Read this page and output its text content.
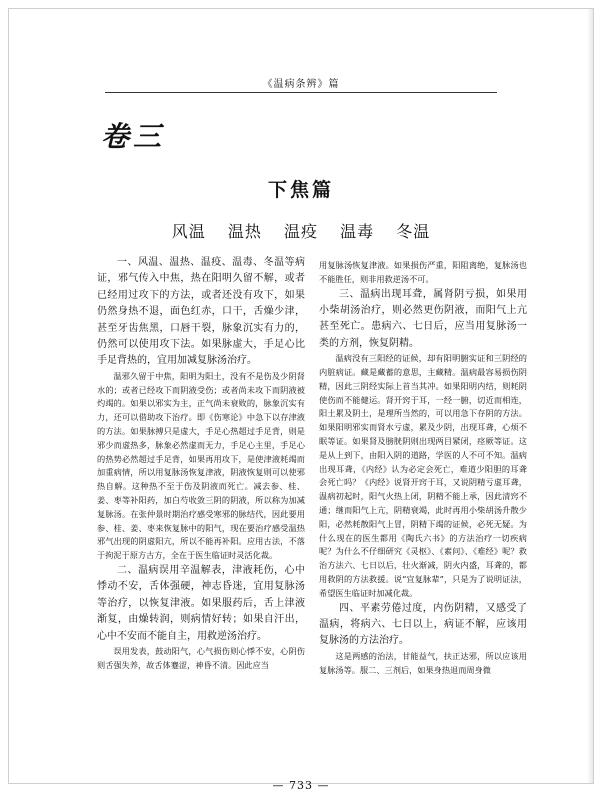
《温病条辨》篇
卷三
下焦篇
风温 温热 温疫 温毒 冬温

一、风温、温热、温疫、温毒、冬温等病证，邪气传入中焦，热在阳明久留不解，或者已经用过攻下的方法，或者还没有攻下，如果仍然身热不退，面色红赤，口干，舌燥少津，甚至牙齿焦黑，口唇干裂，脉象沉实有力的，仍然可以使用攻下法。如果脉虚大，手足心比手足背热的，宜用加减复脉汤治疗。

温邪久留于中焦，阳明为阳土，没有不是伤及少阴肾水的；或者已经攻下而阴液受伤；或者尚未攻下而阴液被灼竭的。如果以邪实为主，正气尚未衰败的，脉象沉实有力，还可以借助攻下治疗。即《伤寒论》中急下以存津液的方法。如果脉搏只是虚大，手足心热超过手足背，则是邪少而虚热多，脉象必然虚而无力，手足心主里，手足心的热势必然超过手足背，如果再用攻下，是使津液耗竭而加重病情，所以用复脉汤恢复津液，阴液恢复则可以使邪热自解。这种热不至于伤及阴液而死亡。减去参、桂、姜、枣等补阳药，加白芍收敛三阴的阴液，所以称为加减复脉汤。在张仲景时期治疗感受寒邪的脉结代，因此要用参、桂、姜、枣来恢复脉中的阳气，现在要治疗感受温热邪气出现的阴虚阳亢，所以不能再补阳。应用古法，不落于拘泥于原方古方，全在于医生临证时灵活化裁。

二、温病误用辛温解表，津液耗伤，心中悸动不安，舌体强硬，神志昏迷，宜用复脉汤等治疗，以恢复津液。如果服药后，舌上津液渐复，由燥转润，则病情好转；如果自汗出，心中不安而不能自主，用救逆汤治疗。

误用发表，鼓动阳气，心气损伤则心悸不安，心阴伤则舌强失养，故舌体蹇涩，神昏不清。因此应当

用复脉汤恢复津液。如果损伤严重，阳阻离绝，复脉汤也不能胜任，则非用救逆汤不可。

三、温病出现耳聋，属肾阴亏损，如果用小柴胡汤治疗，则必然更伤阴液，而阳气上亢甚至死亡。患病六、七日后，应当用复脉汤一类的方剂，恢复阴精。

温病没有三阳经的证候，却有阳明腑实证和三阴经的内脏病证。藏是藏蓄的意思，主藏精。温病最容易损伤阴精，因此三阴经实际上首当其冲。如果阳明内结，则耗阴使伤而不能健运。肾开窍于耳，一经一腑，切近而相连，阳土累及阴土，是理所当然的，可以用急下存阴的方法。如果阳明邪实而肾水亏虚，累及少阴，出现耳聋，心烦不眠等证。如果肾及膀胱阴则出现两目紧闭，痉厥等证。这是从上到下，由阳入阴的道路，学医的人不可不知。温病出现耳聋，《内经》认为必定会死亡，难道少阳胆的耳聋会死亡吗？《内经》说肾开窍于耳，又说阴精亏虚耳聋，温病初起时，阳气火热上闭，阴精不能上承，因此清窍不通；继而阳气上亢，阴精衰竭，此时再用小柴胡汤升散少阳，必然耗散阳气上冒，阴精下竭的证候，必死无疑。为什么现在的医生都用《陶氏六书》的方法治疗一切疾病呢？为什么不仔细研究《灵枢》、《素问》、《难经》呢？救治方法六、七日以后，壮火渐减，阴火内盛，耳聋的，都用救阴的方法救援。说“宜复脉辈”，只是为了说明证法，希望医生临证时加减化裁。

四、平素劳倦过度，内伤阴精，又感受了温病，将病六、七日以上，病证不解，应该用复脉汤的方法治疗。

这是两感的治法，甘能益气，扶正达邪，所以应该用复脉汤等。服二、三剂后，如果身热退而周身微

— 733 —
